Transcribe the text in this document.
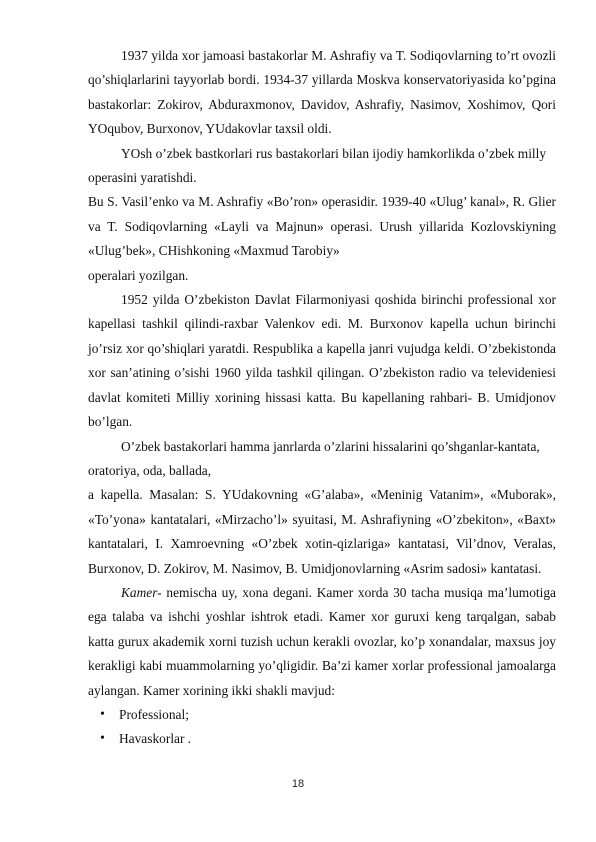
1937 yilda xor jamoasi bastakorlar M. Ashrafiy va T. Sodiqovlarning to’rt ovozli qo’shiqlarlarini tayyorlab bordi. 1934-37 yillarda Moskva konservatoriyasida ko’pgina bastakorlar: Zokirov, Abduraxmonov, Davidov, Ashrafiy, Nasimov, Xoshimov, Qori YOqubov, Burxonov, YUdakovlar taxsil oldi.

YOsh o’zbek bastkorlari rus bastakorlari bilan ijodiy hamkorlikda o’zbek milly operasini yaratishdi.

Bu S. Vasil’enko va M. Ashrafiy «Bo’ron» operasidir. 1939-40 «Ulug’ kanal», R. Glier va T. Sodiqovlarning «Layli va Majnun» operasi. Urush yillarida Kozlovskiyning «Ulug’bek», CHishkoning «Maxmud Tarobiy»

operalari yozilgan.

1952 yilda O’zbekiston Davlat Filarmoniyasi qoshida birinchi professional xor kapellasi tashkil qilindi-raxbar Valenkov edi. M. Burxonov kapella uchun birinchi jo’rsiz xor qo’shiqlari yaratdi. Respublika a kapella janri vujudga keldi. O’zbekistonda xor san’atining o’sishi 1960 yilda tashkil qilingan. O’zbekiston radio va televideniesi davlat komiteti Milliy xorining hissasi katta. Bu kapellaning rahbari- B. Umidjonov bo’lgan.

O’zbek bastakorlari hamma janrlarda o’zlarini hissalarini qo’shganlar-kantata, oratoriya, oda, ballada,

a kapella. Masalan: S. YUdakovning «G’alaba», «Meninig Vatanim», «Muborak», «To’yona» kantatalari, «Mirzacho’l» syuitasi, M. Ashrafiyning «O’zbekiton», «Baxt» kantatalari, I. Xamroevning «O’zbek xotin-qizlariga» kantatasi, Vil’dnov, Veralas, Burxonov, D. Zokirov, M. Nasimov, B. Umidjonovlarning «Asrim sadosi» kantatasi.

Kamer- nemischa uy, xona degani. Kamer xorda 30 tacha musiqa ma’lumotiga ega talaba va ishchi yoshlar ishtrok etadi. Kamer xor guruxi keng tarqalgan, sabab katta gurux akademik xorni tuzish uchun kerakli ovozlar, ko’p xonandalar, maxsus joy kerakligi kabi muammolarning yo’qligidir. Ba’zi kamer xorlar professional jamoalarga aylangan. Kamer xorining ikki shakli mavjud:

• Professional;
• Havaskorlar .
18
